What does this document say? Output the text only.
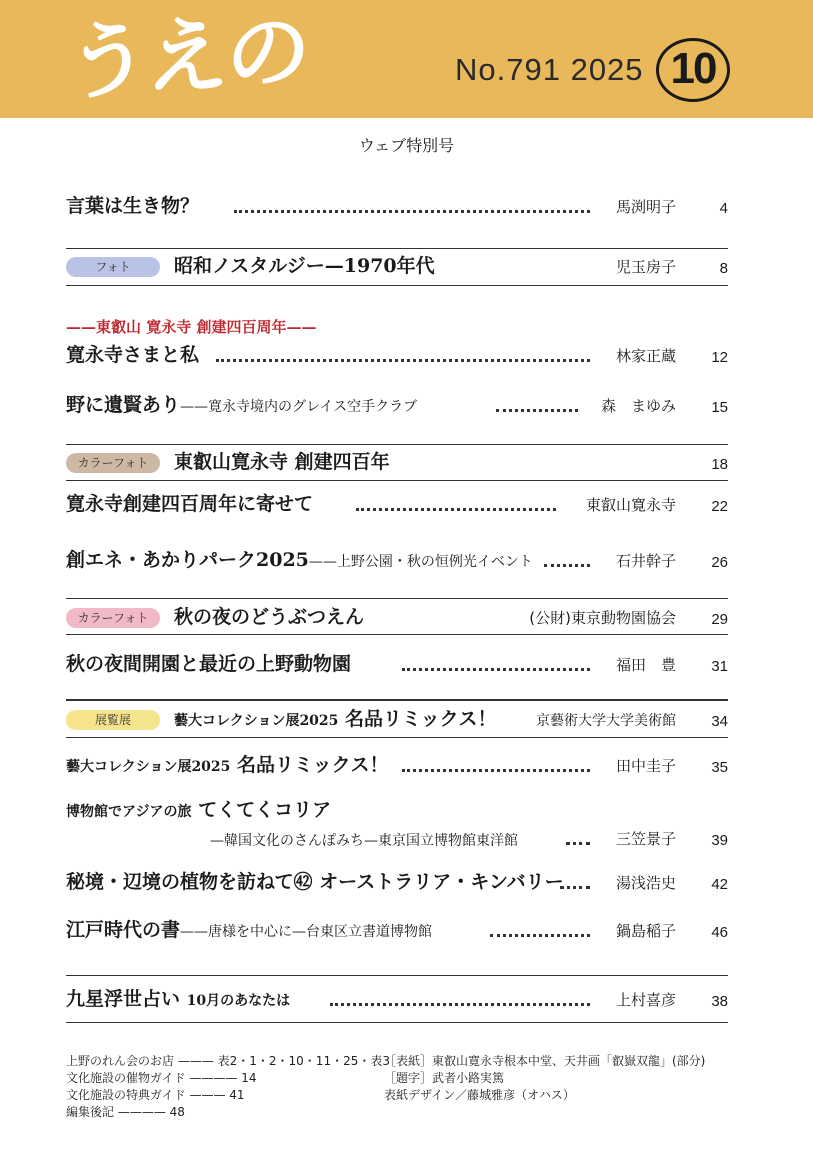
うえの	No.791 2025 10
ウェブ特別号
言葉は生き物？	馬渕明子	4
フォト	昭和ノスタルジー—1970年代	児玉房子	8
——東叡山 寛永寺 創建四百周年——
寛永寺さまと私	林家正蔵 12
野に遺賢あり——寛永寺境内のグレイス空手クラブ	森　まゆみ 15
カラーフォト	東叡山寛永寺 創建四百年	18
寛永寺創建四百周年に寄せて	東叡山寛永寺 22
創エネ・あかりパーク2025——上野公園・秋の恒例光イベント	石井幹子 26
カラーフォト	秋の夜のどうぶつえん	(公財)東京動物園協会 29
秋の夜間開園と最近の上野動物園	福田　豊 31
展覧展	藝大コレクション展2025 名品リミックス！	京藝術大学大学美術館 34
藝大コレクション展2025 名品リミックス！	田中圭子 35
博物館でアジアの旅 てくてくコリア
—韓国文化のさんぽみち—東京国立博物館東洋館	三笠景子 39
秘境・辺境の植物を訪ねて㊷ オーストラリア・キンバリー	湯浅浩史 42
江戸時代の書——唐様を中心に—台東区立書道博物館	鍋島稲子 46
九星浮世占い 10月のあなたは	上村喜彦 38
上野のれん会のお店 ——— 表2・1・2・10・11・25・表3
文化施設の催物ガイド ———— 14
文化施設の特典ガイド ——— 41
編集後記 ———— 48
［表紙］東叡山寛永寺根本中堂、天井画「叡嶽双龍」(部分)
［題字］武者小路実篤
表紙デザイン／藤城雅彦（オハス）
